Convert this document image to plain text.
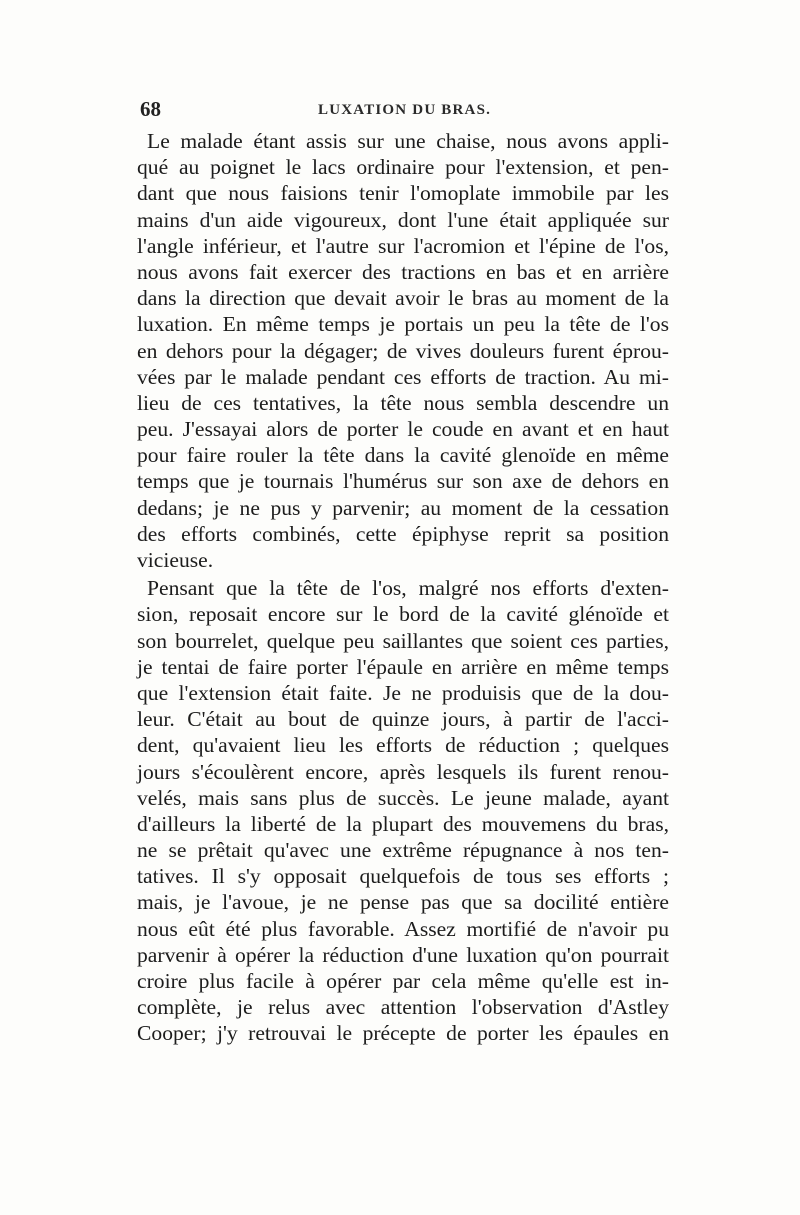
68	LUXATION DU BRAS.
Le malade étant assis sur une chaise, nous avons appli-
qué au poignet le lacs ordinaire pour l'extension, et pen-
dant que nous faisions tenir l'omoplate immobile par les
mains d'un aide vigoureux, dont l'une était appliquée sur
l'angle inférieur, et l'autre sur l'acromion et l'épine de l'os,
nous avons fait exercer des tractions en bas et en arrière
dans la direction que devait avoir le bras au moment de la
luxation. En même temps je portais un peu la tête de l'os
en dehors pour la dégager; de vives douleurs furent éprou-
vées par le malade pendant ces efforts de traction. Au mi-
lieu de ces tentatives, la tête nous sembla descendre un
peu. J'essayai alors de porter le coude en avant et en haut
pour faire rouler la tête dans la cavité glenoïde en même
temps que je tournais l'humérus sur son axe de dehors en
dedans; je ne pus y parvenir; au moment de la cessation
des efforts combinés, cette épiphyse reprit sa position
vicieuse.
Pensant que la tête de l'os, malgré nos efforts d'exten-
sion, reposait encore sur le bord de la cavité glénoïde et
son bourrelet, quelque peu saillantes que soient ces parties,
je tentai de faire porter l'épaule en arrière en même temps
que l'extension était faite. Je ne produisis que de la dou-
leur. C'était au bout de quinze jours, à partir de l'acci-
dent, qu'avaient lieu les efforts de réduction ; quelques
jours s'écoulèrent encore, après lesquels ils furent renou-
velés, mais sans plus de succès. Le jeune malade, ayant
d'ailleurs la liberté de la plupart des mouvemens du bras,
ne se prêtait qu'avec une extrême répugnance à nos ten-
tatives. Il s'y opposait quelquefois de tous ses efforts ;
mais, je l'avoue, je ne pense pas que sa docilité entière
nous eût été plus favorable. Assez mortifié de n'avoir pu
parvenir à opérer la réduction d'une luxation qu'on pourrait
croire plus facile à opérer par cela même qu'elle est in-
complète, je relus avec attention l'observation d'Astley
Cooper; j'y retrouvai le précepte de porter les épaules en
